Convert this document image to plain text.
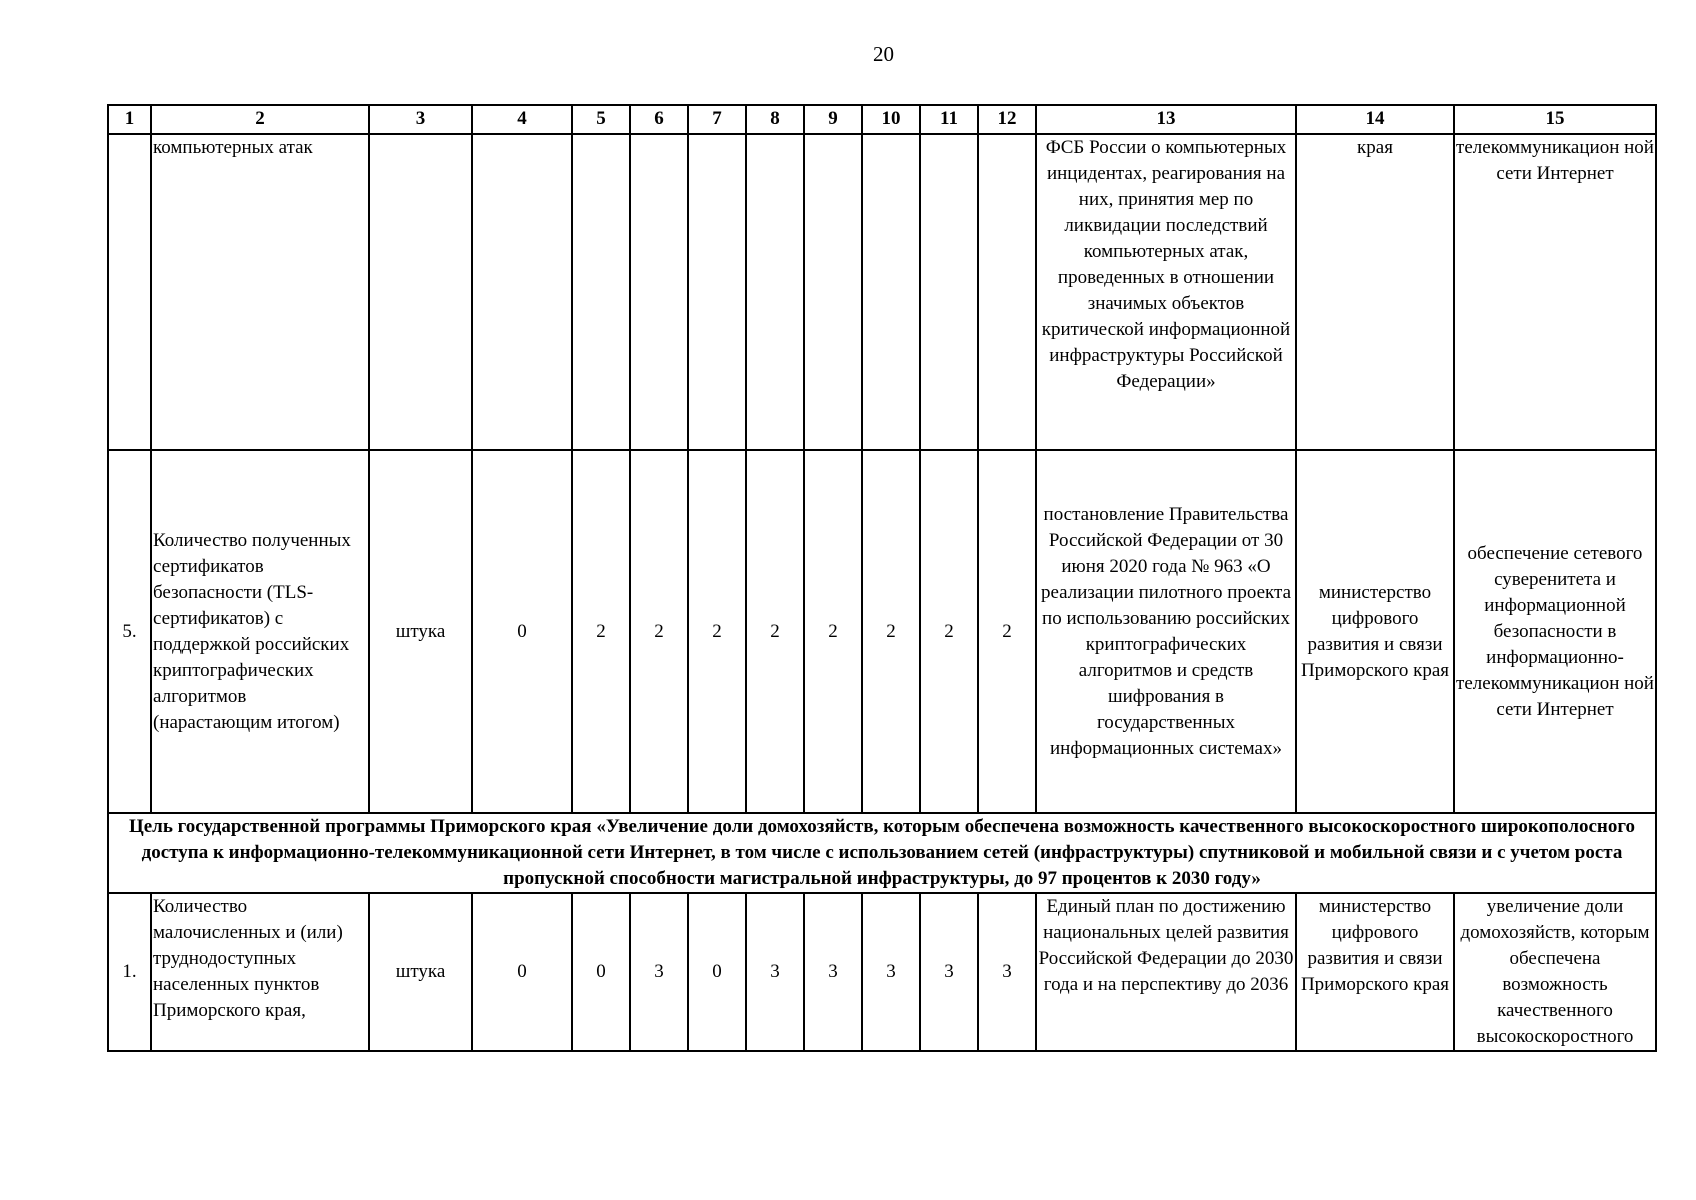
20
1	2	3	4	5	6	7	8	9	10	11	12	13	14	15
	компьютерных атак											ФСБ России о компьютерных инцидентах, реагирования на них, принятия мер по ликвидации последствий компьютерных атак, проведенных в отношении значимых объектов критической информационной инфраструктуры Российской Федерации»	края	телекоммуникацион ной сети Интернет
5.	Количество полученных сертификатов безопасности (TLS-сертификатов) с поддержкой российских криптографических алгоритмов (нарастающим итогом)	штука	0	2	2	2	2	2	2	2	2	постановление Правительства Российской Федерации от 30 июня 2020 года № 963 «О реализации пилотного проекта по использованию российских криптографических алгоритмов и средств шифрования в государственных информационных системах»	министерство цифрового развития и связи Приморского края	обеспечение сетевого суверенитета и информационной безопасности в информационно-телекоммуникацион ной сети Интернет
Цель государственной программы Приморского края «Увеличение доли домохозяйств, которым обеспечена возможность качественного высокоскоростного широкополосного доступа к информационно-телекоммуникационной сети Интернет, в том числе с использованием сетей (инфраструктуры) спутниковой и мобильной связи и с учетом роста пропускной способности магистральной инфраструктуры, до 97 процентов к 2030 году»														
1.	Количество малочисленных и (или) труднодоступных населенных пунктов Приморского края,	штука	0	0	3	0	3	3	3	3	3	Единый план по достижению национальных целей развития Российской Федерации до 2030 года и на перспективу до 2036	министерство цифрового развития и связи Приморского края	увеличение доли домохозяйств, которым обеспечена возможность качественного высокоскоростного
